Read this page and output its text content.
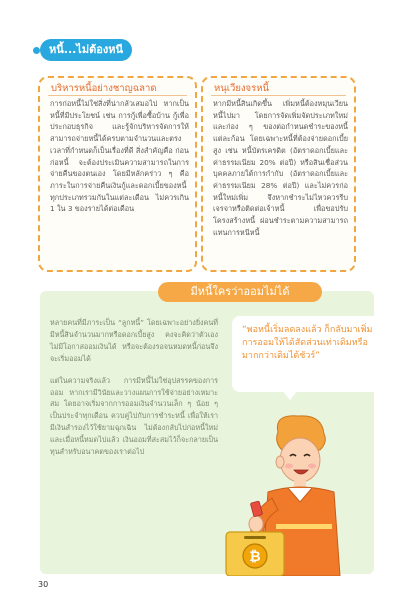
หนี้...ไม่ต้องหนี
บริหารหนี้อย่างชาญฉลาด
การก่อหนี้ไม่ใช่สิ่งที่น่ากลัวเสมอไป หากเป็นหนี้ที่มีประโยชน์ เช่น การกู้เพื่อซื้อบ้าน กู้เพื่อประกอบธุรกิจ และรู้จักบริหารจัดการให้สามารถจ่ายหนี้ได้ครบตามจำนวนและตรงเวลาที่กำหนดก็เป็นเรื่องที่ดี สิ่งสำคัญคือ ก่อนก่อหนี้ จะต้องประเมินความสามารถในการจ่ายคืนของตนเอง โดยมีหลักคร่าว ๆ คือ ภาระในการจ่ายคืนเงินกู้และดอกเบี้ยของหนี้ทุกประเภทรวมกันในแต่ละเดือน ไม่ควรเกิน 1 ใน 3 ของรายได้ต่อเดือน
หนุเวียงจรหนี้
หากมีหนี้สินเกิดขึ้น เพิ่มหนี้ต้องหมุนเวียนหนี้ไปมา โดยการจัดเพิ่มจัดประเภทใหม่ และก่อง ๆ ของต่อกำหนดชำระของหนี้แต่ละก้อน โดยเฉพาะหนี้ที่ต้องจ่ายดอกเบี้ยสูง เช่น หนี้บัตรเครดิต (อัตราดอกเบี้ยและค่าธรรมเนียม 20% ต่อปี) หรือสินเชื่อส่วนบุคคลภายใต้การกำกับ (อัตราดอกเบี้ยและค่าธรรมเนียม 28% ต่อปี) และไม่ควรก่อหนี้ใหม่เพิ่ม จึงหากชำระไม่ไหวควรรีบเจรจาหรือติดต่อเจ้าหนี้ เพื่อขอปรับโครงสร้างหนี้ ผ่อนชำระตามความสามารถ แทนการหนีหนี้
มีหนี้ใครว่าออมไม่ได้

หลายคนที่มีภาระเป็น “ลูกหนี้” โดยเฉพาะอย่างยิ่งคนที่มีหนี้สินจำนวนมากหรือดอกเบี้ยสูง คงจะคิดว่าตัวเองไม่มีโอกาสออมเงินได้ หรือจะต้องรอจนหมดหนี้ก่อนจึงจะเริ่มออมได้

แต่ในความจริงแล้ว การมีหนี้ไม่ใช่อุปสรรคของการออม หากเรามีวินัยและวางแผนการใช้จ่ายอย่างเหมาะสม โดยอาจเริ่มจากการออมเงินจำนวนเล็ก ๆ น้อย ๆ เป็นประจำทุกเดือน ควบคู่ไปกับการชำระหนี้ เพื่อให้เรามีเงินสำรองไว้ใช้ยามฉุกเฉิน ไม่ต้องกลับไปก่อหนี้ใหม่ และเมื่อหนี้หมดไปแล้ว เงินออมที่สะสมไว้ก็จะกลายเป็นทุนสำหรับอนาคตของเราต่อไป

“พอหนี้เริ่มลดลงแล้ว ก็กลับมาเพิ่มการออมให้ได้สัดส่วนเท่าเดิมหรือมากกว่าเดิมได้ชัวร์”
₿
30
